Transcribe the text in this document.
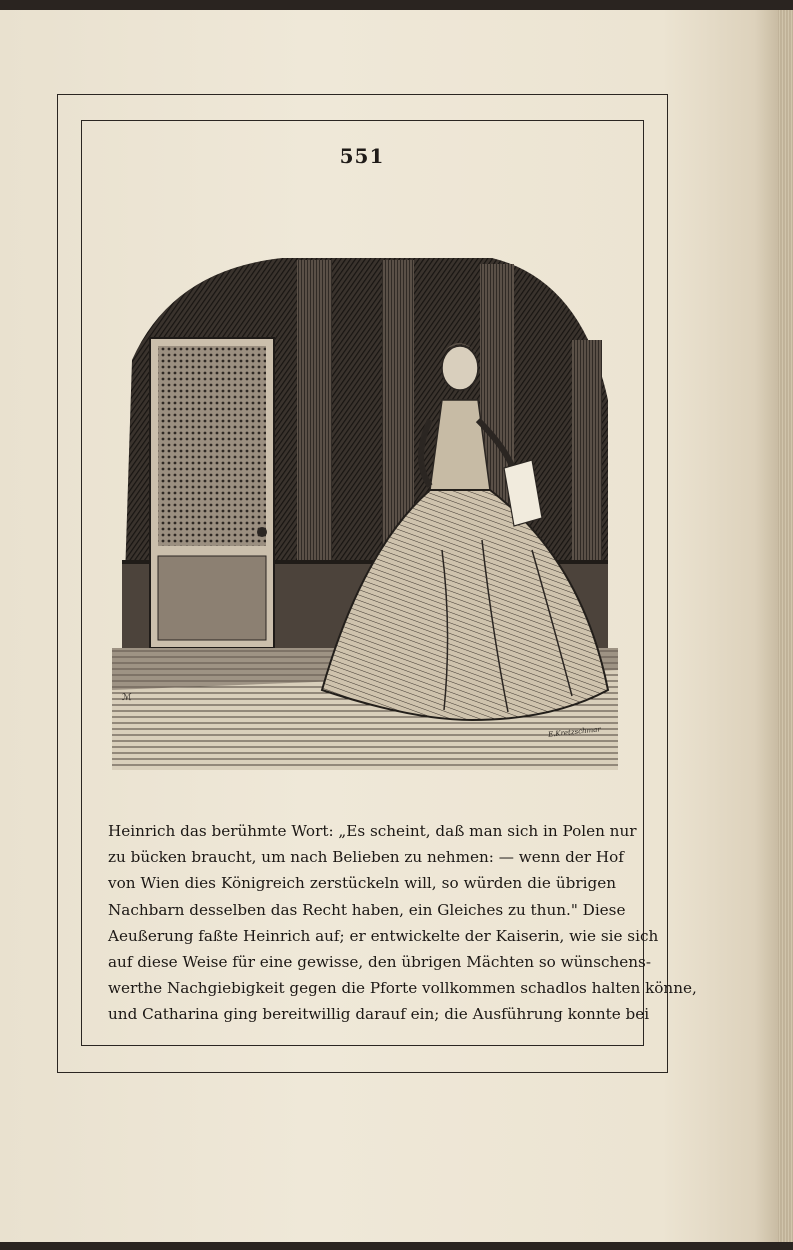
551
ℳ
E.Kretzschmar
Heinrich das berühmte Wort: „Es scheint, daß man sich in Polen nur
zu bücken braucht, um nach Belieben zu nehmen: — wenn der Hof
von Wien dies Königreich zerstückeln will, so würden die übrigen
Nachbarn desselben das Recht haben, ein Gleiches zu thun." Diese
Aeußerung faßte Heinrich auf; er entwickelte der Kaiserin, wie sie sich
auf diese Weise für eine gewisse, den übrigen Mächten so wünschens-
werthe Nachgiebigkeit gegen die Pforte vollkommen schadlos halten könne,
und Catharina ging bereitwillig darauf ein; die Ausführung konnte bei
